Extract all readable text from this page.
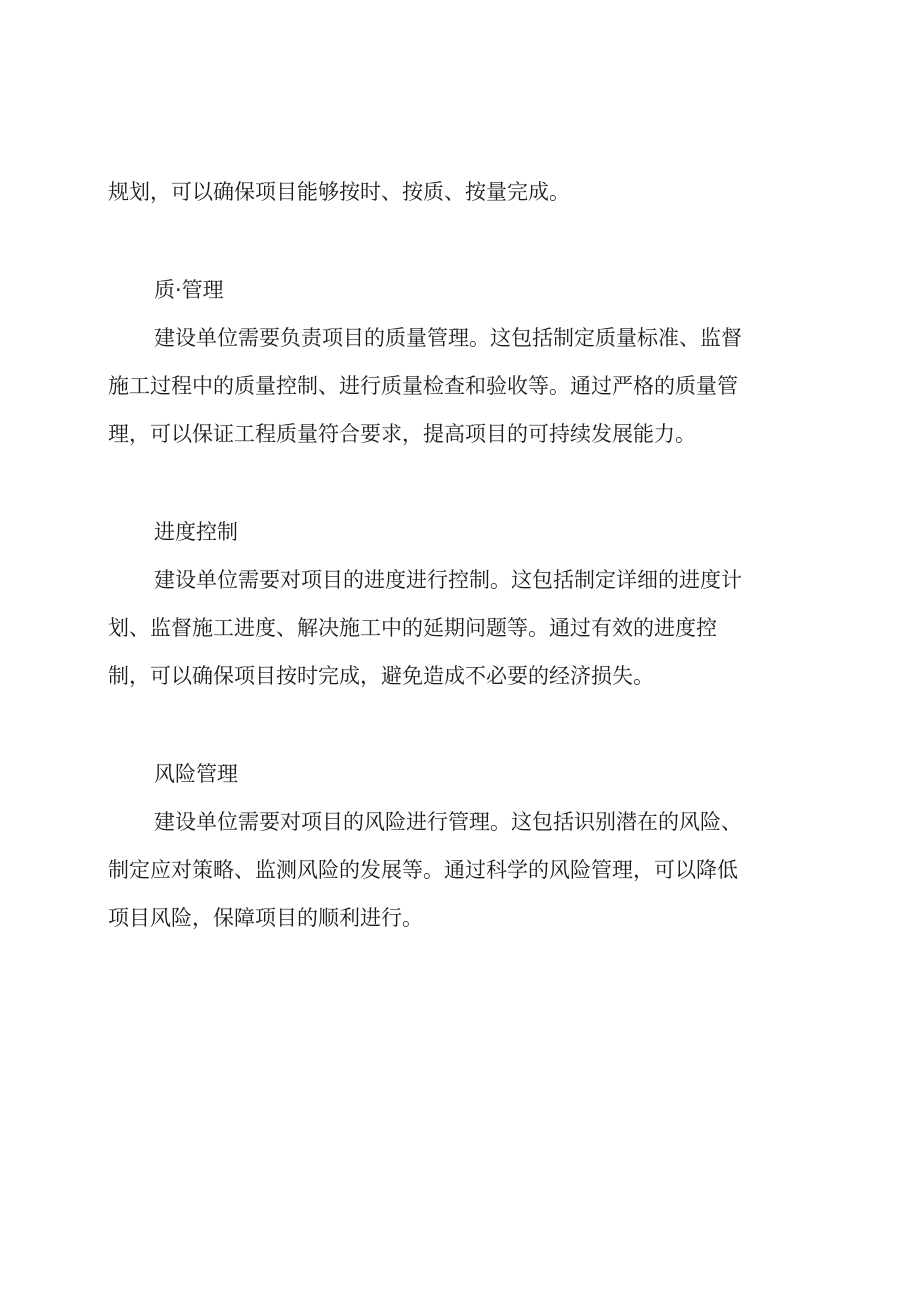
规划，可以确保项目能够按时、按质、按量完成。
质·管理
建设单位需要负责项目的质量管理。这包括制定质量标准、监督
施工过程中的质量控制、进行质量检查和验收等。通过严格的质量管
理，可以保证工程质量符合要求，提高项目的可持续发展能力。
进度控制
建设单位需要对项目的进度进行控制。这包括制定详细的进度计
划、监督施工进度、解决施工中的延期问题等。通过有效的进度控
制，可以确保项目按时完成，避免造成不必要的经济损失。
风险管理
建设单位需要对项目的风险进行管理。这包括识别潜在的风险、
制定应对策略、监测风险的发展等。通过科学的风险管理，可以降低
项目风险，保障项目的顺利进行。
